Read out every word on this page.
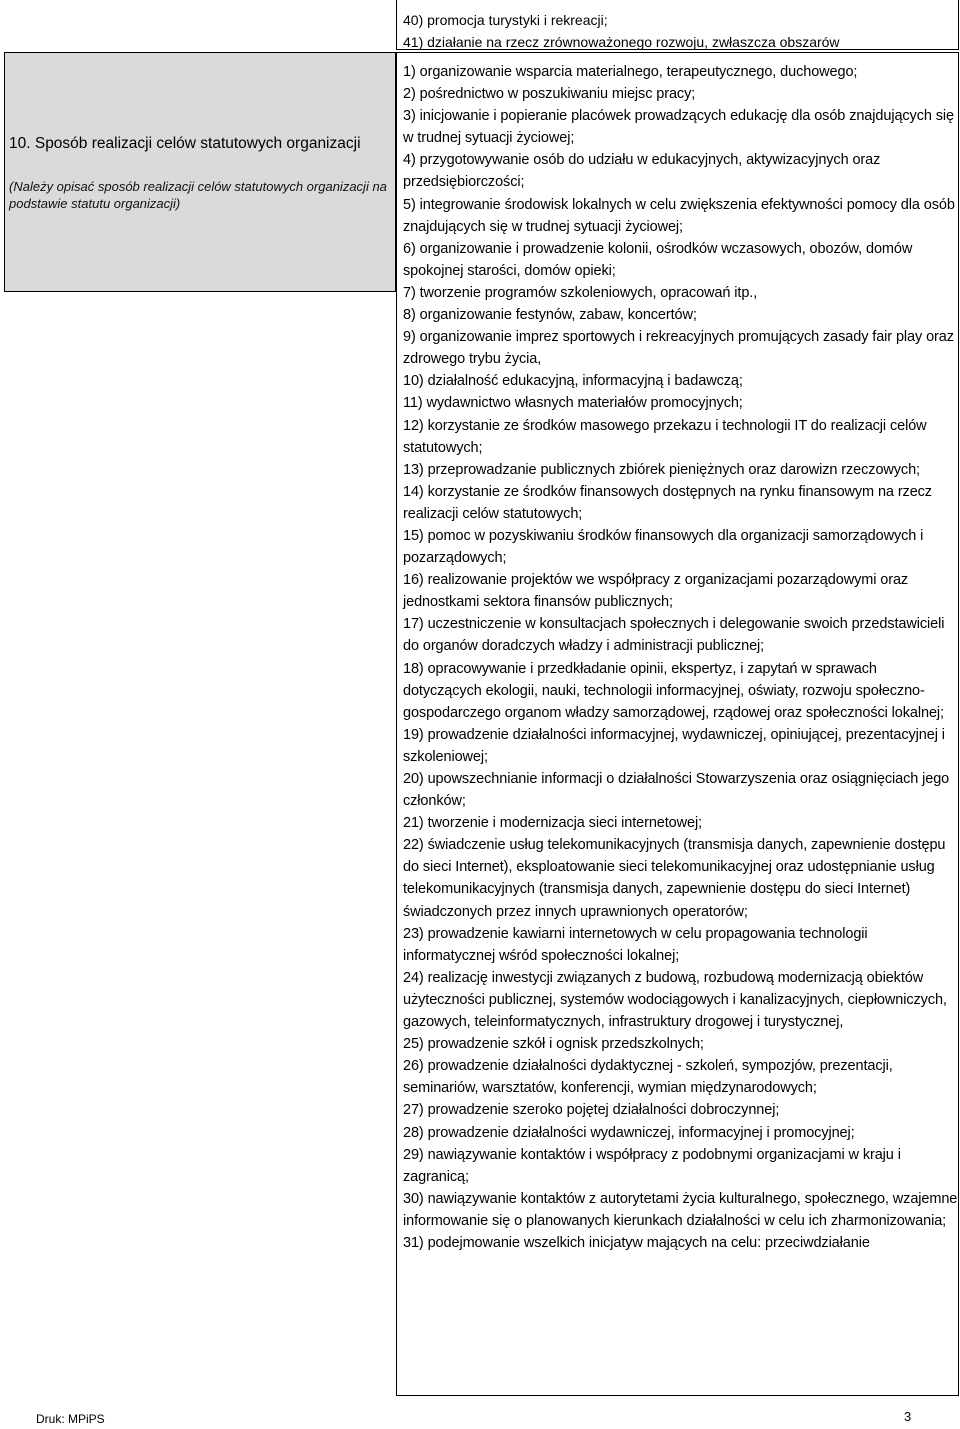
40) promocja turystyki i rekreacji;
41) działanie na rzecz zrównoważonego rozwoju, zwłaszcza obszarów
10. Sposób realizacji celów statutowych organizacji
(Należy opisać sposób realizacji celów statutowych organizacji na podstawie statutu organizacji)
1) organizowanie wsparcia materialnego, terapeutycznego, duchowego;
2) pośrednictwo w poszukiwaniu miejsc pracy;
3) inicjowanie i popieranie placówek prowadzących edukację dla osób znajdujących się w trudnej sytuacji życiowej;
4) przygotowywanie osób do udziału w edukacyjnych, aktywizacyjnych oraz przedsiębiorczości;
5) integrowanie środowisk lokalnych w celu zwiększenia efektywności pomocy dla osób znajdujących się w trudnej sytuacji życiowej;
6) organizowanie i prowadzenie kolonii, ośrodków wczasowych, obozów, domów spokojnej starości, domów opieki;
7) tworzenie programów szkoleniowych, opracowań itp.,
8) organizowanie festynów, zabaw, koncertów;
9) organizowanie imprez sportowych i rekreacyjnych promujących zasady fair play oraz zdrowego trybu życia,
10) działalność edukacyjną, informacyjną i badawczą;
11) wydawnictwo własnych materiałów promocyjnych;
12) korzystanie ze środków masowego przekazu i technologii IT do realizacji celów statutowych;
13) przeprowadzanie publicznych zbiórek pieniężnych oraz darowizn rzeczowych;
14) korzystanie ze środków finansowych dostępnych na rynku finansowym na rzecz realizacji celów statutowych;
15) pomoc w pozyskiwaniu środków finansowych dla organizacji samorządowych i pozarządowych;
16) realizowanie projektów we współpracy z organizacjami pozarządowymi oraz jednostkami sektora finansów publicznych;
17) uczestniczenie w konsultacjach społecznych i delegowanie swoich przedstawicieli do organów doradczych władzy i administracji publicznej;
18) opracowywanie i przedkładanie opinii, ekspertyz, i zapytań w sprawach dotyczących ekologii, nauki, technologii informacyjnej, oświaty, rozwoju społeczno-gospodarczego organom władzy samorządowej, rządowej oraz społeczności lokalnej;
19) prowadzenie działalności informacyjnej, wydawniczej, opiniującej, prezentacyjnej i szkoleniowej;
20) upowszechnianie informacji o działalności Stowarzyszenia oraz osiągnięciach jego członków;
21) tworzenie i modernizacja sieci internetowej;
22) świadczenie usług telekomunikacyjnych (transmisja danych, zapewnienie dostępu do sieci Internet), eksploatowanie sieci telekomunikacyjnej oraz udostępnianie usług telekomunikacyjnych (transmisja danych, zapewnienie dostępu do sieci Internet) świadczonych przez innych uprawnionych operatorów;
23) prowadzenie kawiarni internetowych w celu propagowania technologii informatycznej wśród społeczności lokalnej;
24) realizację inwestycji związanych z budową, rozbudową modernizacją obiektów użyteczności publicznej, systemów wodociągowych i kanalizacyjnych, ciepłowniczych, gazowych, teleinformatycznych, infrastruktury drogowej i turystycznej,
25) prowadzenie szkół i ognisk przedszkolnych;
26) prowadzenie działalności dydaktycznej - szkoleń, sympozjów, prezentacji, seminariów, warsztatów, konferencji, wymian międzynarodowych;
27) prowadzenie szeroko pojętej działalności dobroczynnej;
28) prowadzenie działalności wydawniczej, informacyjnej i promocyjnej;
29) nawiązywanie kontaktów i współpracy z podobnymi organizacjami w kraju i zagranicą;
30) nawiązywanie kontaktów z autorytetami życia kulturalnego, społecznego, wzajemne informowanie się o planowanych kierunkach działalności w celu ich zharmonizowania;
31) podejmowanie wszelkich inicjatyw mających na celu: przeciwdziałanie
Druk: MPiPS	3
